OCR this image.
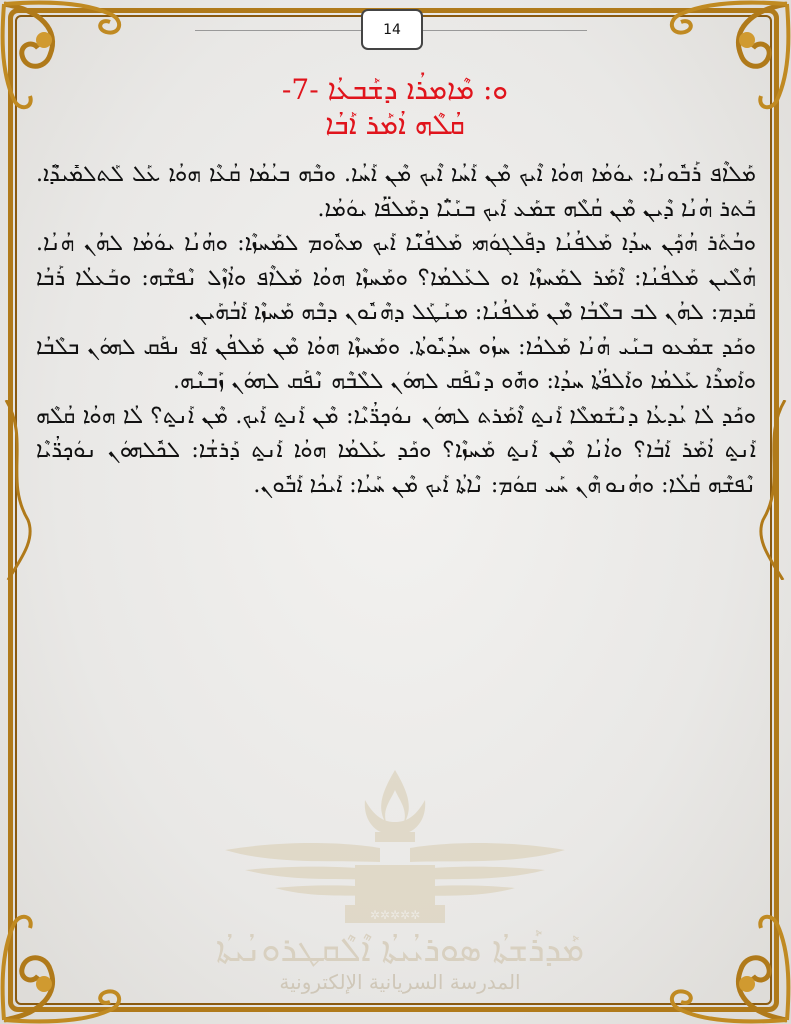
14
✲✲✲✲✲
ܡܰܕܪܰܫܬܳܐ ܣܘܪܝܳܝܬܳܐ ܐܶܠܶܩܛܪܘܢܳܝܬܳܐ
المدرسة السريانية الإلكترونية
ܘ: ܡܶܐܡܪܳܐ ܕܫܰܒܥܳܐ -7-
ܩܳܠܶܗ ܐܳܡܰܪ ܐܰܒܳܐ

ܡܰܠܐܶܦ ܪܰܒܽܘܢܳܐ: ܝܘܿܡܳܐ ܗܘܳܐ ܐܶܝܟ ܡܶܢ ܐܰܚܳܐ ܐܶܝܟ ܡܶܢ ܐܰܚܳܐ. ܘܒܶܗ ܒܝܳܡܳܐ ܩܳܥܶܐ ܗܘܳܐ ܥܰܠ ܠܰܬܠܡܺܝܕ̈ܶܐ. ܒܰܬܪ ܗܳܢܳܐ ܕܶܝܢ ܡܶܢ ܩܳܠܶܗ ܫܡܰܥ ܐܰܝܟ ܒܢܰܝ̈ܳܐ ܕܡܰܠܦ̈ܳܐ ܝܘܿܡܳܐ.

ܘܒܳܬܰܪ ܗܳܟ̣ܰܢ ܚܕܳܐ ܡܰܠܦܳܢܳܐ ܕܦܰܠܓܘܿܗܝ ܡܰܠܦܳܢ̈ܶܐ ܐܰܝܟ ܡܬܽܘܡ ܠܡܰܚܙܶܐ: ܘܗܳܢܳܐ ܝܘܿܡܳܐ ܠܗܳܢ ܗܳܢܳܐ. ܗܳܠܶܝܢ ܡܰܠܦܳܢܳܐ: ܐܶܡܰܪ ܠܡܰܚܙܶܐ ܐܘ ܠܥܰܠܡܳܐ؟ ܘܡܰܚܙܶܐ ܗܘܳܐ ܡܰܠܐܶܦ ܘܐܳܙܶܠ ܢܶܦܫܶܗ: ܘܒܰܥܠܳܐ ܪܰܒܳܐ ܩܰܕܡ: ܠܗܳܢ ܠܒ ܒܠܶܒܳܐ ܡܶܢ ܡܰܠܦܳܢܳܐ: ܡܢܰܛܰܠ ܕܗܶܢܽܘܢ ܕܒܶܗ ܡܰܚܙܶܐ ܐܰܒܳܗܰܝܢ.

ܘܟܰܕ ܫܡܰܥܘ ܒܢܰܝ ܗܳܢܳܐ ܡܰܠܟܳܐ: ܚܙܳܘ ܚܕܳܝܽܘܬܳܐ. ܘܡܰܚܙܶܐ ܗܘܳܐ ܡܶܢ ܡܰܠܦܳܢ ܐܰܦ ܢܦܰܩ ܠܗܘܿܢ ܒܠܶܒܳܐ ܘܐܰܡܪܶܐ ܥܰܠܡܳܐ ܘܐܰܠܦܳܬܳܐ ܚܕܳܐ: ܘܗܽܘ ܕܢܶܦܰܩ ܠܗܘܿܢ ܠܠܶܒܶܗ ܢܶܦܰܩ ܠܗܘܿܢ ܙܰܒܢܶܗ.

ܘܟܰܕ ܠܳܐ ܝܳܕܥܳܐ ܕܢܶܫܰܡܠܶܐ ܐܰܢ̱ܬ ܐܶܡܰܪܬ ܠܗܘܿܢ ܢܘܿܟ̣ܪ̈ܳܝܶܐ: ܡܶܢ ܐܰܢ̱ܬ ܐܰܝܟ. ܡܶܢ ܐܰܢ̱ܬ؟ ܠܳܐ ܗܘܳܐ ܩܳܠܶܗ ܐܰܢ̱ܬ ܐܳܡܰܪ ܐܰܒܳܐ؟ ܘܐܳܢܳܐ ܡܶܢ ܐܰܢ̱ܬ ܡܰܚܙܶܐ؟ ܘܟܰܕ ܥܰܠܡܳܐ ܗܘܳܐ ܐܰܢ̱ܬ ܕܰܪܫܳܐ: ܠܟܽܠܗܘܿܢ ܢܘܿܟ̣ܪ̈ܳܝܶܐ ܢܶܦܫܶܗ ܩܳܠܳܐ: ܘܗܳܢܘ ܗܶܢ ܚܰܝ ܩܘܿܡ: ܢܶܐܬܳܐ ܐܰܝܟ ܡܶܢ ܚܰܝܳܐ: ܐܰܝܟܳܐ ܐܰܒܽܘܢ.
